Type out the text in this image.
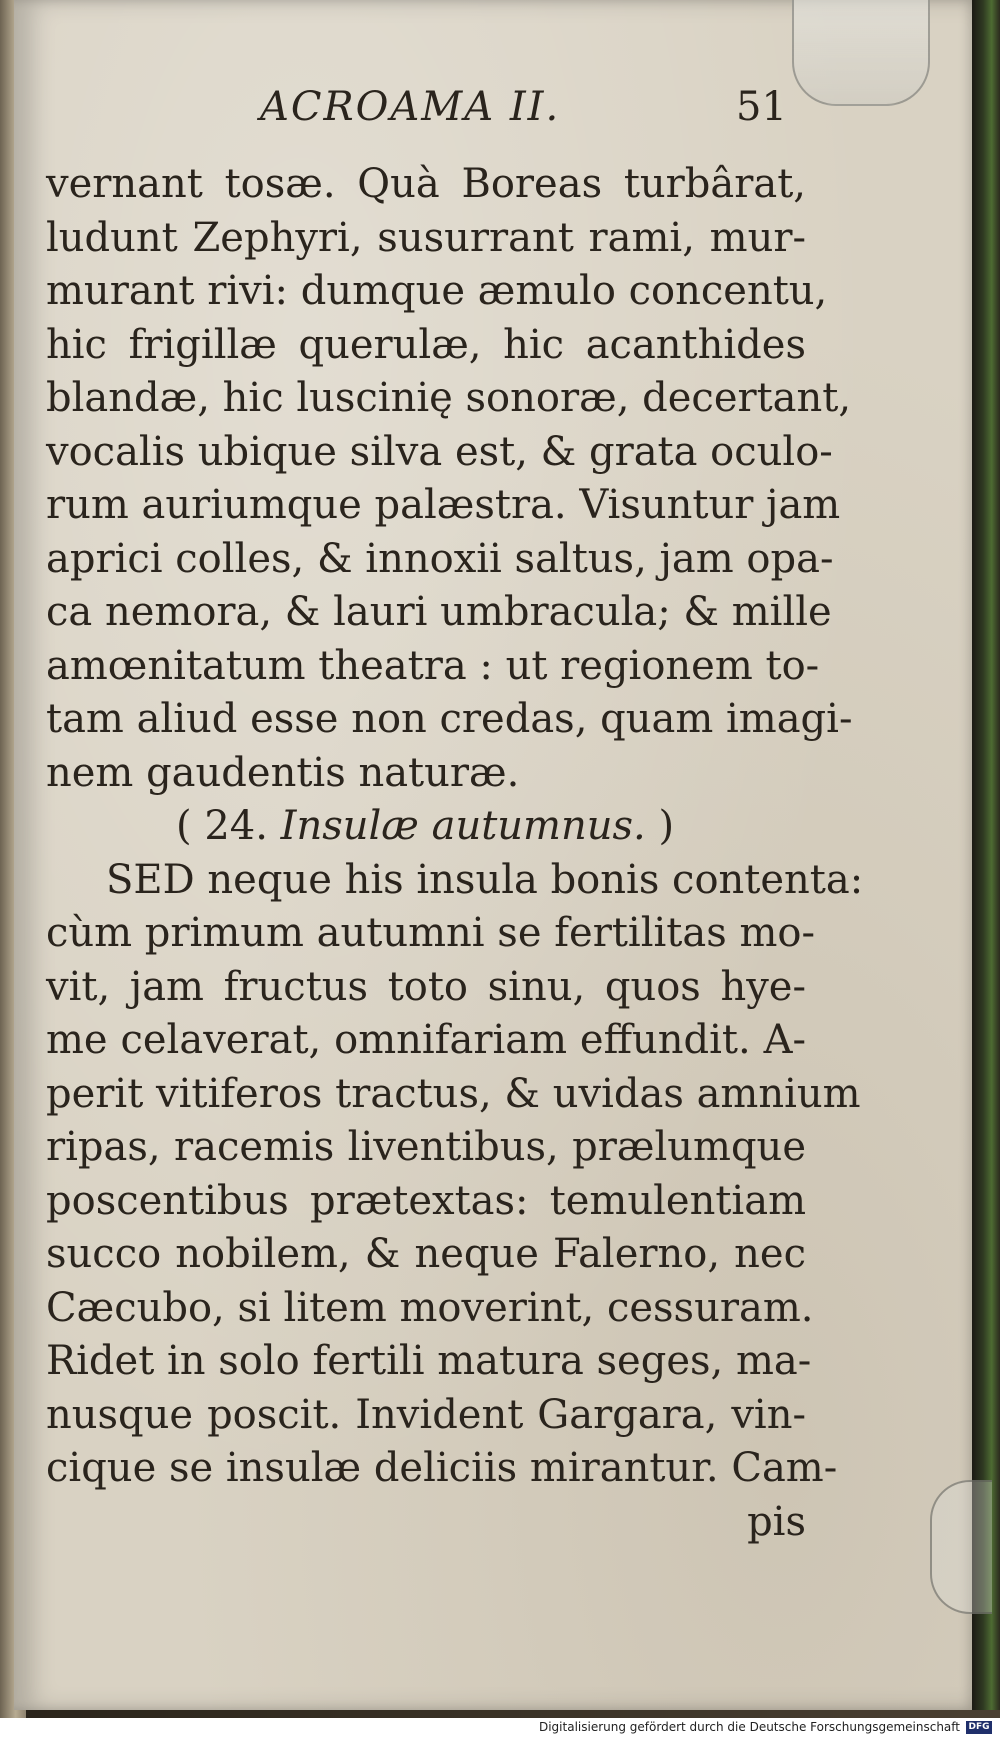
ACROAMA II.	51
vernant tosæ. Quà Boreas turbârat,
ludunt Zephyri, susurrant rami, mur-
murant rivi: dumque æmulo concentu,
hic frigillæ querulæ, hic acanthides
blandæ, hic luscinię sonoræ, decertant,
vocalis ubique silva est, & grata oculo-
rum auriumque palæstra. Visuntur jam
aprici colles, & innoxii saltus, jam opa-
ca nemora, & lauri umbracula; & mille
amœnitatum theatra : ut regionem to-
tam aliud esse non credas, quam imagi-
nem gaudentis naturæ.
( 24. Insulæ autumnus. )
SED neque his insula bonis contenta:
cùm primum autumni se fertilitas mo-
vit, jam fructus toto sinu, quos hye-
me celaverat, omnifariam effundit. A-
perit vitiferos tractus, & uvidas amnium
ripas, racemis liventibus, prælumque
poscentibus prætextas: temulentiam
succo nobilem, & neque Falerno, nec
Cæcubo, si litem moverint, cessuram.
Ridet in solo fertili matura seges, ma-
nusque poscit. Invident Gargara, vin-
cique se insulæ deliciis mirantur. Cam-
pis
Digitalisierung gefördert durch die Deutsche Forschungsgemeinschaft DFG
